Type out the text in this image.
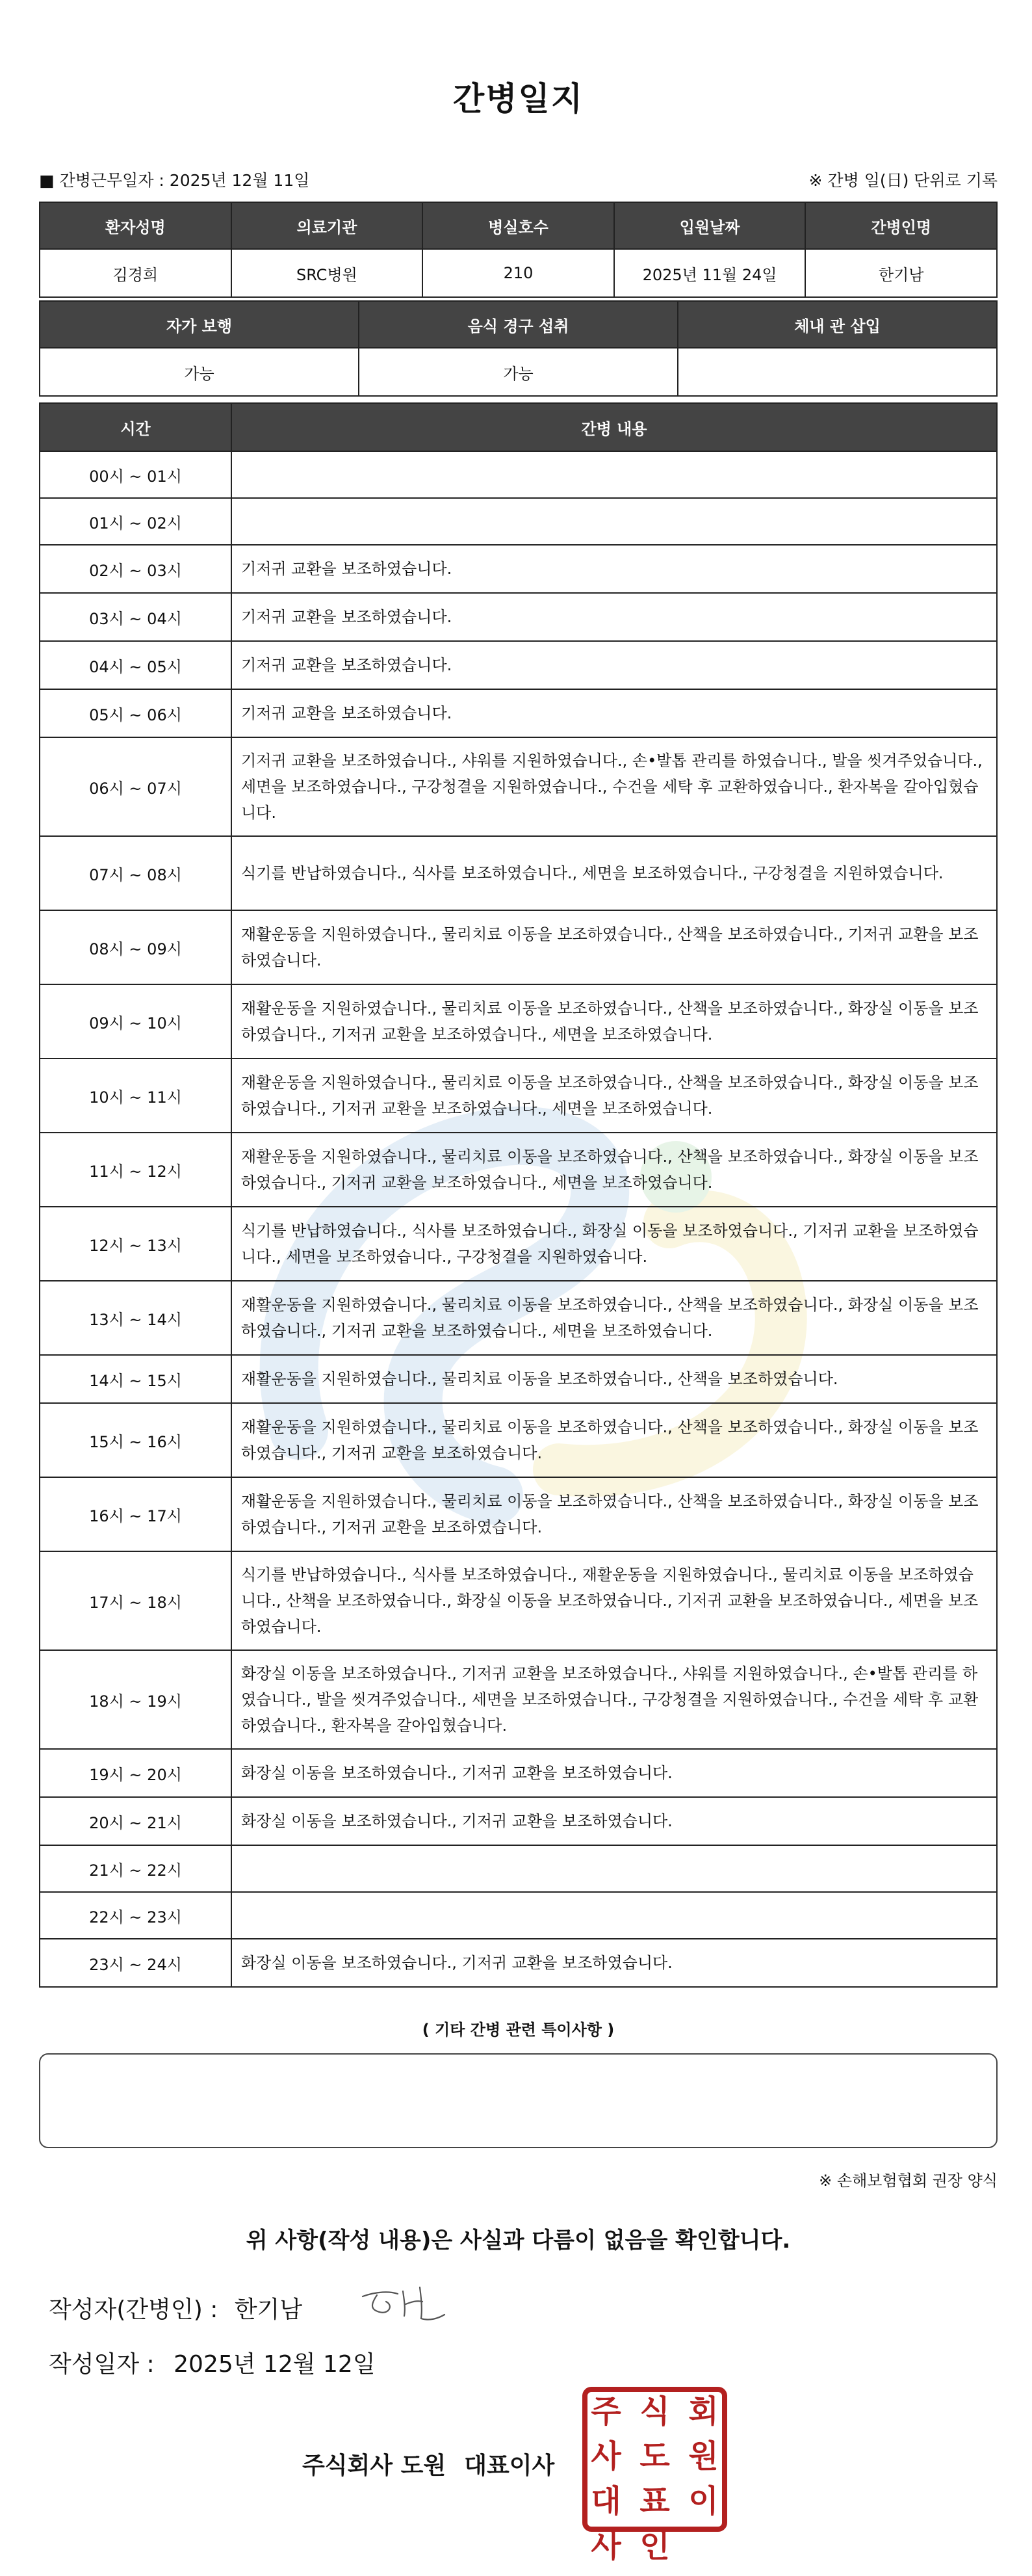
간병일지
■ 간병근무일자 : 2025년 12월 11일	※ 간병 일(日) 단위로 기록
환자성명	의료기관	병실호수	입원날짜	간병인명
김경희	SRC병원	210	2025년 11월 24일	한기남
자가 보행	음식 경구 섭취	체내 관 삽입
가능	가능	
시간	간병 내용
00시 ~ 01시	
01시 ~ 02시	
02시 ~ 03시	기저귀 교환을 보조하였습니다.
03시 ~ 04시	기저귀 교환을 보조하였습니다.
04시 ~ 05시	기저귀 교환을 보조하였습니다.
05시 ~ 06시	기저귀 교환을 보조하였습니다.
06시 ~ 07시	기저귀 교환을 보조하였습니다., 샤워를 지원하였습니다., 손•발톱 관리를 하였습니다., 발을 씻겨주었습니다., 세면을 보조하였습니다., 구강청결을 지원하였습니다., 수건을 세탁 후 교환하였습니다., 환자복을 갈아입혔습니다.
07시 ~ 08시	식기를 반납하였습니다., 식사를 보조하였습니다., 세면을 보조하였습니다., 구강청결을 지원하였습니다.
08시 ~ 09시	재활운동을 지원하였습니다., 물리치료 이동을 보조하였습니다., 산책을 보조하였습니다., 기저귀 교환을 보조하였습니다.
09시 ~ 10시	재활운동을 지원하였습니다., 물리치료 이동을 보조하였습니다., 산책을 보조하였습니다., 화장실 이동을 보조하였습니다., 기저귀 교환을 보조하였습니다., 세면을 보조하였습니다.
10시 ~ 11시	재활운동을 지원하였습니다., 물리치료 이동을 보조하였습니다., 산책을 보조하였습니다., 화장실 이동을 보조하였습니다., 기저귀 교환을 보조하였습니다., 세면을 보조하였습니다.
11시 ~ 12시	재활운동을 지원하였습니다., 물리치료 이동을 보조하였습니다., 산책을 보조하였습니다., 화장실 이동을 보조하였습니다., 기저귀 교환을 보조하였습니다., 세면을 보조하였습니다.
12시 ~ 13시	식기를 반납하였습니다., 식사를 보조하였습니다., 화장실 이동을 보조하였습니다., 기저귀 교환을 보조하였습니다., 세면을 보조하였습니다., 구강청결을 지원하였습니다.
13시 ~ 14시	재활운동을 지원하였습니다., 물리치료 이동을 보조하였습니다., 산책을 보조하였습니다., 화장실 이동을 보조하였습니다., 기저귀 교환을 보조하였습니다., 세면을 보조하였습니다.
14시 ~ 15시	재활운동을 지원하였습니다., 물리치료 이동을 보조하였습니다., 산책을 보조하였습니다.
15시 ~ 16시	재활운동을 지원하였습니다., 물리치료 이동을 보조하였습니다., 산책을 보조하였습니다., 화장실 이동을 보조하였습니다., 기저귀 교환을 보조하였습니다.
16시 ~ 17시	재활운동을 지원하였습니다., 물리치료 이동을 보조하였습니다., 산책을 보조하였습니다., 화장실 이동을 보조하였습니다., 기저귀 교환을 보조하였습니다.
17시 ~ 18시	식기를 반납하였습니다., 식사를 보조하였습니다., 재활운동을 지원하였습니다., 물리치료 이동을 보조하였습니다., 산책을 보조하였습니다., 화장실 이동을 보조하였습니다., 기저귀 교환을 보조하였습니다., 세면을 보조하였습니다.
18시 ~ 19시	화장실 이동을 보조하였습니다., 기저귀 교환을 보조하였습니다., 샤워를 지원하였습니다., 손•발톱 관리를 하였습니다., 발을 씻겨주었습니다., 세면을 보조하였습니다., 구강청결을 지원하였습니다., 수건을 세탁 후 교환하였습니다., 환자복을 갈아입혔습니다.
19시 ~ 20시	화장실 이동을 보조하였습니다., 기저귀 교환을 보조하였습니다.
20시 ~ 21시	화장실 이동을 보조하였습니다., 기저귀 교환을 보조하였습니다.
21시 ~ 22시	
22시 ~ 23시	
23시 ~ 24시	화장실 이동을 보조하였습니다., 기저귀 교환을 보조하였습니다.
( 기타 간병 관련 특이사항 )
※ 손해보험협회 권장 양식
위 사항(작성 내용)은 사실과 다름이 없음을 확인합니다.
작성자(간병인) : 한기남
작성일자 : 2025년 12월 12일
주식회사 도원 대표이사
주 식 회
사 도 원
대 표 이
사 인
